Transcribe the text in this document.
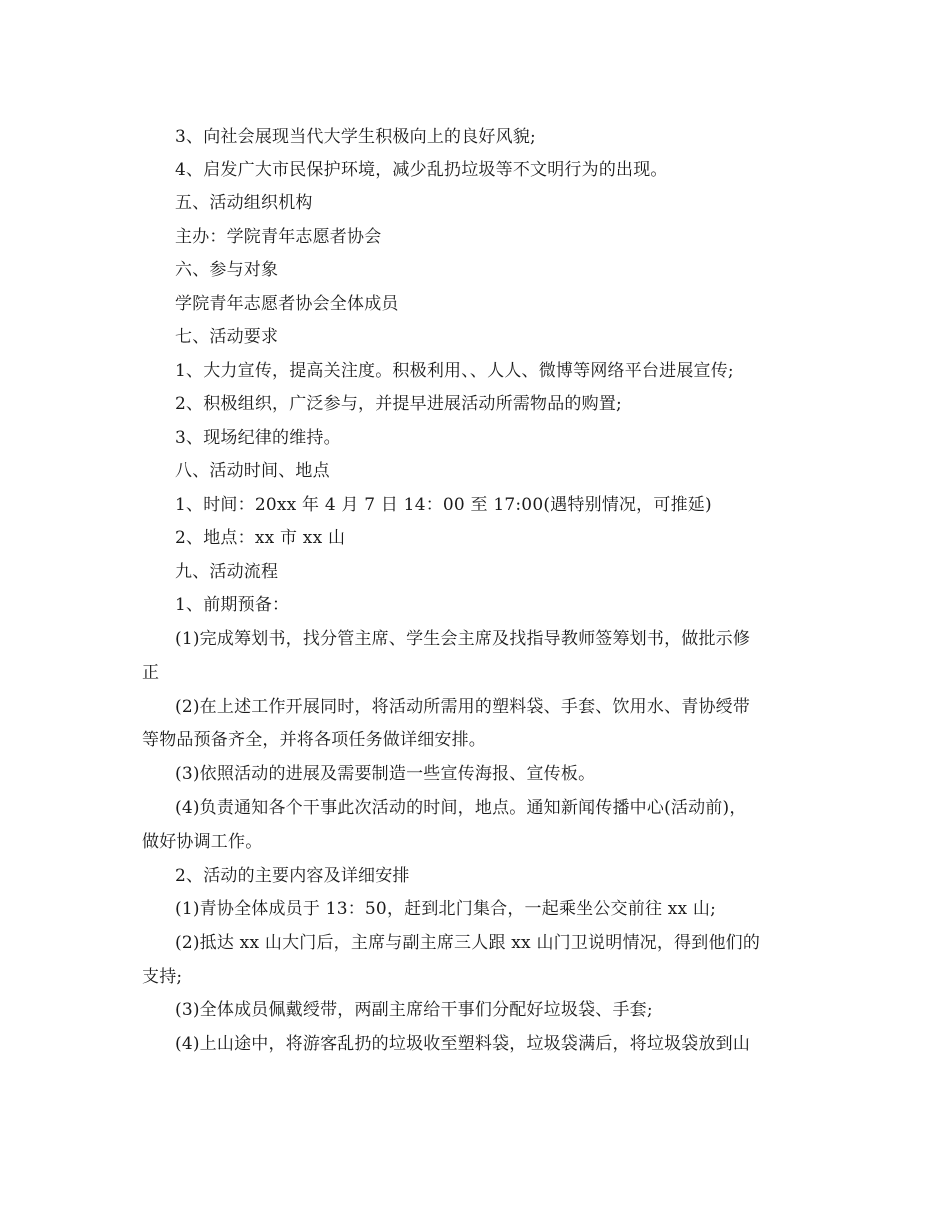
3、向社会展现当代大学生积极向上的良好风貌;
4、启发广大市民保护环境，减少乱扔垃圾等不文明行为的出现。
五、活动组织机构
主办：学院青年志愿者协会
六、参与对象
学院青年志愿者协会全体成员
七、活动要求
1、大力宣传，提高关注度。积极利用、、人人、微博等网络平台进展宣传;
2、积极组织，广泛参与，并提早进展活动所需物品的购置;
3、现场纪律的维持。
八、活动时间、地点
1、时间：20xx 年 4 月 7 日 14：00 至 17:00(遇特别情况，可推延)
2、地点：xx 市 xx 山
九、活动流程
1、前期预备：
(1)完成筹划书，找分管主席、学生会主席及找指导教师签筹划书，做批示修
正
(2)在上述工作开展同时，将活动所需用的塑料袋、手套、饮用水、青协绶带
等物品预备齐全，并将各项任务做详细安排。
(3)依照活动的进展及需要制造一些宣传海报、宣传板。
(4)负责通知各个干事此次活动的时间，地点。通知新闻传播中心(活动前)，
做好协调工作。
2、活动的主要内容及详细安排
(1)青协全体成员于 13：50，赶到北门集合，一起乘坐公交前往 xx 山;
(2)抵达 xx 山大门后，主席与副主席三人跟 xx 山门卫说明情况，得到他们的
支持;
(3)全体成员佩戴绶带，两副主席给干事们分配好垃圾袋、手套;
(4)上山途中，将游客乱扔的垃圾收至塑料袋，垃圾袋满后，将垃圾袋放到山
